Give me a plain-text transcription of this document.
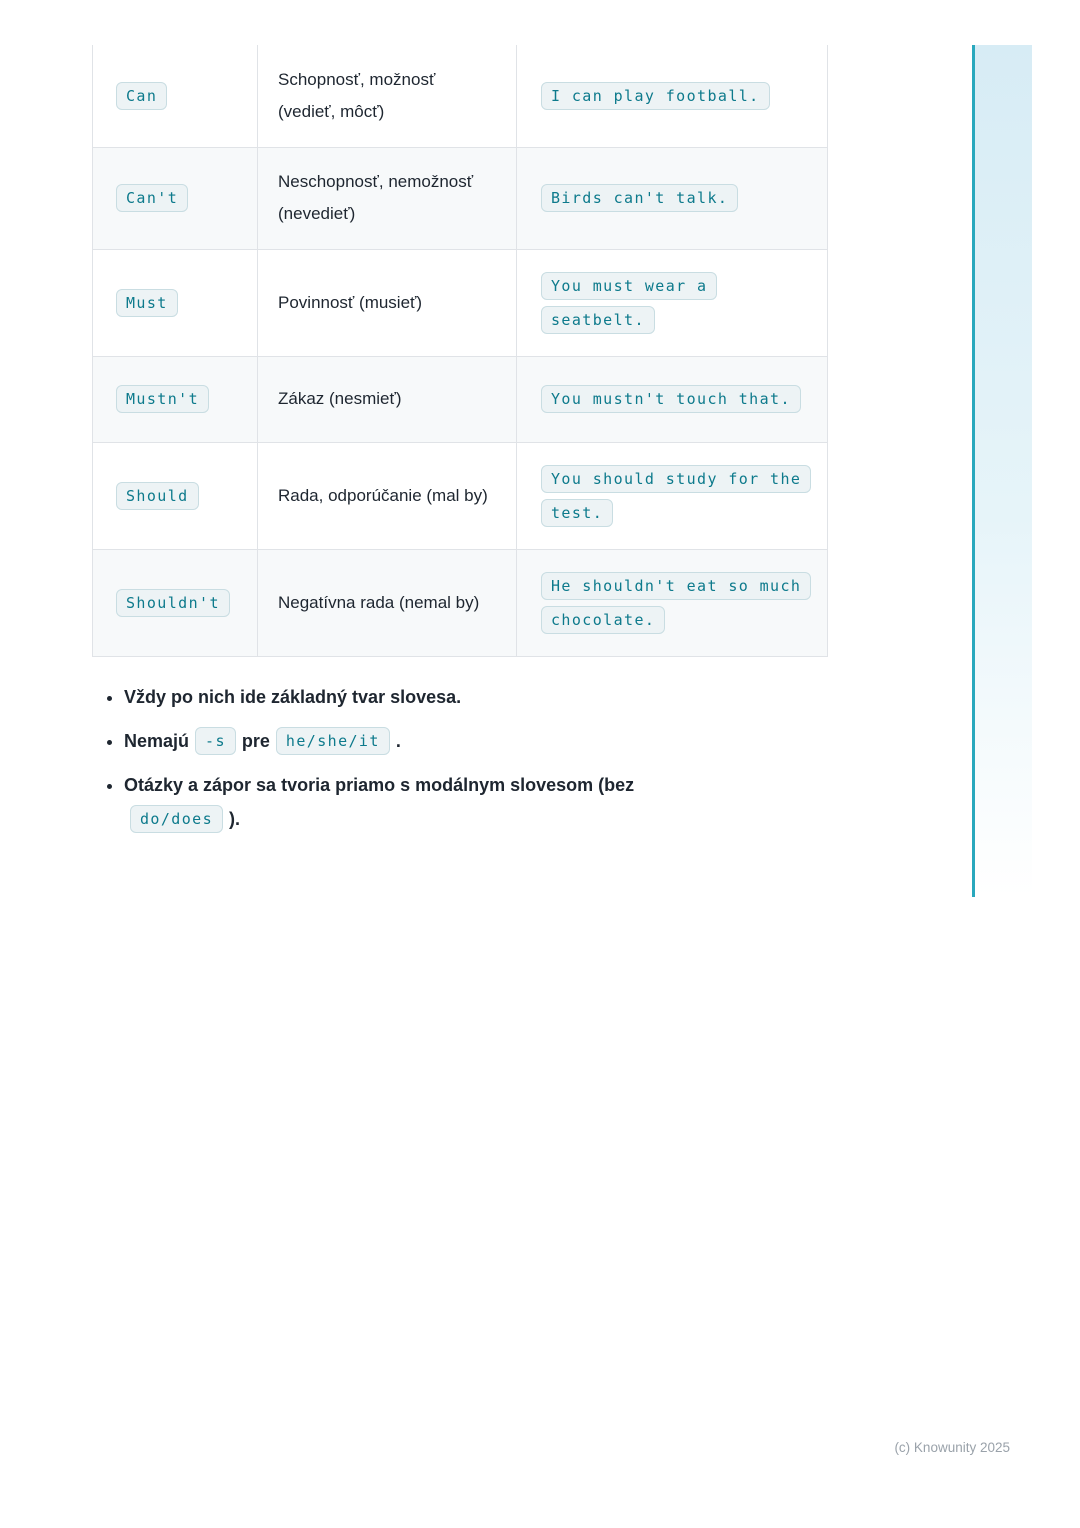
Can	Schopnosť, možnosť (vedieť, môcť)	I can play football.

Can't	Neschopnosť, nemožnosť (nevedieť)	Birds can't talk.

Must	Povinnosť (musieť)	You must wear a
seatbelt.

Mustn't	Zákaz (nesmieť)	You mustn't touch that.

Should	Rada, odporúčanie (mal by)	You should study for the
test.

Shouldn't	Negatívna rada (nemal by)	He shouldn't eat so much
chocolate.
• Vždy po nich ide základný tvar slovesa.
• Nemajú -s pre he/she/it .
• Otázky a zápor sa tvoria priamo s modálnym slovesom (bez
do/does ).
(c) Knowunity 2025
